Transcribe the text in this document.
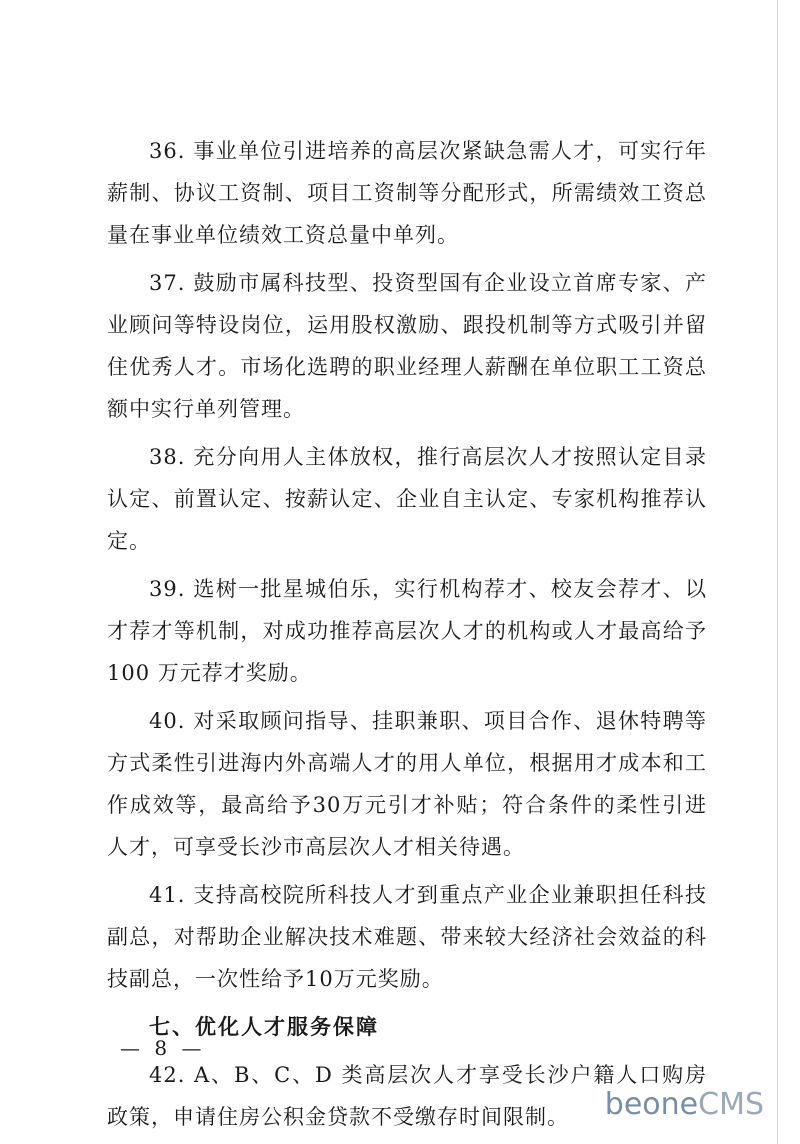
36. 事业单位引进培养的高层次紧缺急需人才，可实行年薪制、协议工资制、项目工资制等分配形式，所需绩效工资总量在事业单位绩效工资总量中单列。

37. 鼓励市属科技型、投资型国有企业设立首席专家、产业顾问等特设岗位，运用股权激励、跟投机制等方式吸引并留住优秀人才。市场化选聘的职业经理人薪酬在单位职工工资总额中实行单列管理。

38. 充分向用人主体放权，推行高层次人才按照认定目录认定、前置认定、按薪认定、企业自主认定、专家机构推荐认定。

39. 选树一批星城伯乐，实行机构荐才、校友会荐才、以才荐才等机制，对成功推荐高层次人才的机构或人才最高给予100 万元荐才奖励。

40. 对采取顾问指导、挂职兼职、项目合作、退休特聘等方式柔性引进海内外高端人才的用人单位，根据用才成本和工作成效等，最高给予30万元引才补贴；符合条件的柔性引进人才，可享受长沙市高层次人才相关待遇。

41. 支持高校院所科技人才到重点产业企业兼职担任科技副总，对帮助企业解决技术难题、带来较大经济社会效益的科技副总，一次性给予10万元奖励。

七、优化人才服务保障

42. A、B、C、D 类高层次人才享受长沙户籍人口购房政策，申请住房公积金贷款不受缴存时间限制。

— 8 —
beoneCMS
